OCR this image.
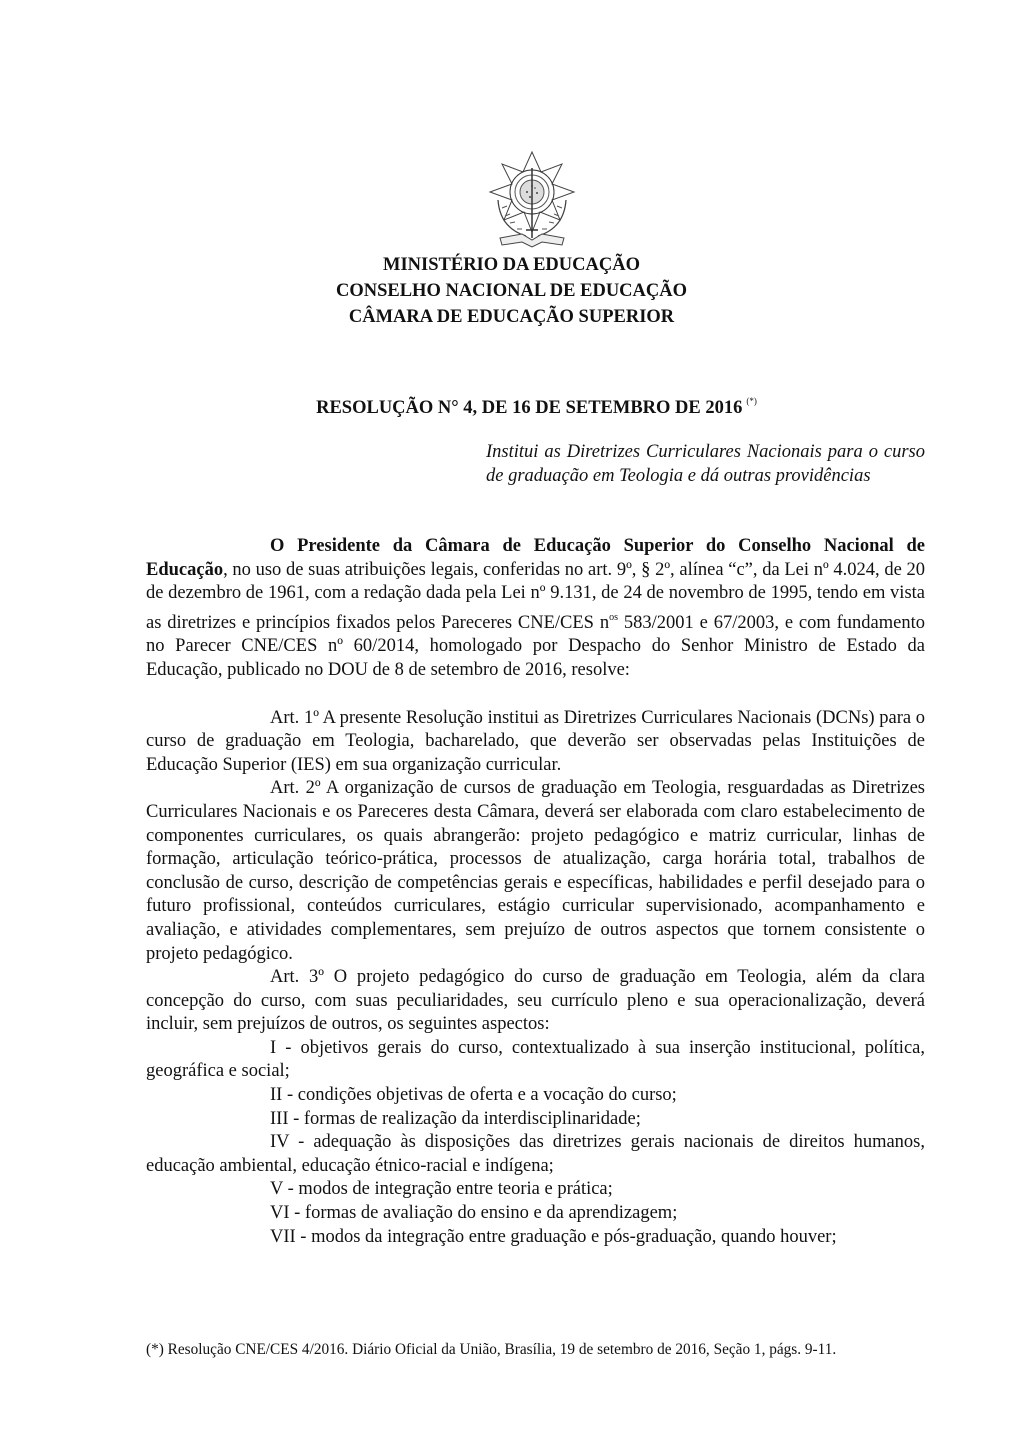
MINISTÉRIO DA EDUCAÇÃO
CONSELHO NACIONAL DE EDUCAÇÃO
CÂMARA DE EDUCAÇÃO SUPERIOR
RESOLUÇÃO N° 4, DE 16 DE SETEMBRO DE 2016 (*)
Institui as Diretrizes Curriculares Nacionais para o curso de graduação em Teologia e dá outras providências

O Presidente da Câmara de Educação Superior do Conselho Nacional de Educação, no uso de suas atribuições legais, conferidas no art. 9º, § 2º, alínea “c”, da Lei nº 4.024, de 20 de dezembro de 1961, com a redação dada pela Lei nº 9.131, de 24 de novembro de 1995, tendo em vista as diretrizes e princípios fixados pelos Pareceres CNE/CES $n^{os}$ 583/2001 e 67/2003, e com fundamento no Parecer CNE/CES nº 60/2014, homologado por Despacho do Senhor Ministro de Estado da Educação, publicado no DOU de 8 de setembro de 2016, resolve:

Art. 1º A presente Resolução institui as Diretrizes Curriculares Nacionais (DCNs) para o curso de graduação em Teologia, bacharelado, que deverão ser observadas pelas Instituições de Educação Superior (IES) em sua organização curricular.

Art. 2º A organização de cursos de graduação em Teologia, resguardadas as Diretrizes Curriculares Nacionais e os Pareceres desta Câmara, deverá ser elaborada com claro estabelecimento de componentes curriculares, os quais abrangerão: projeto pedagógico e matriz curricular, linhas de formação, articulação teórico-prática, processos de atualização, carga horária total, trabalhos de conclusão de curso, descrição de competências gerais e específicas, habilidades e perfil desejado para o futuro profissional, conteúdos curriculares, estágio curricular supervisionado, acompanhamento e avaliação, e atividades complementares, sem prejuízo de outros aspectos que tornem consistente o projeto pedagógico.

Art. 3º O projeto pedagógico do curso de graduação em Teologia, além da clara concepção do curso, com suas peculiaridades, seu currículo pleno e sua operacionalização, deverá incluir, sem prejuízos de outros, os seguintes aspectos:

I - objetivos gerais do curso, contextualizado à sua inserção institucional, política, geográfica e social;

II - condições objetivas de oferta e a vocação do curso;

III - formas de realização da interdisciplinaridade;

IV - adequação às disposições das diretrizes gerais nacionais de direitos humanos, educação ambiental, educação étnico-racial e indígena;

V - modos de integração entre teoria e prática;

VI - formas de avaliação do ensino e da aprendizagem;

VII - modos da integração entre graduação e pós-graduação, quando houver;

(*) Resolução CNE/CES 4/2016. Diário Oficial da União, Brasília, 19 de setembro de 2016, Seção 1, págs. 9-11.
